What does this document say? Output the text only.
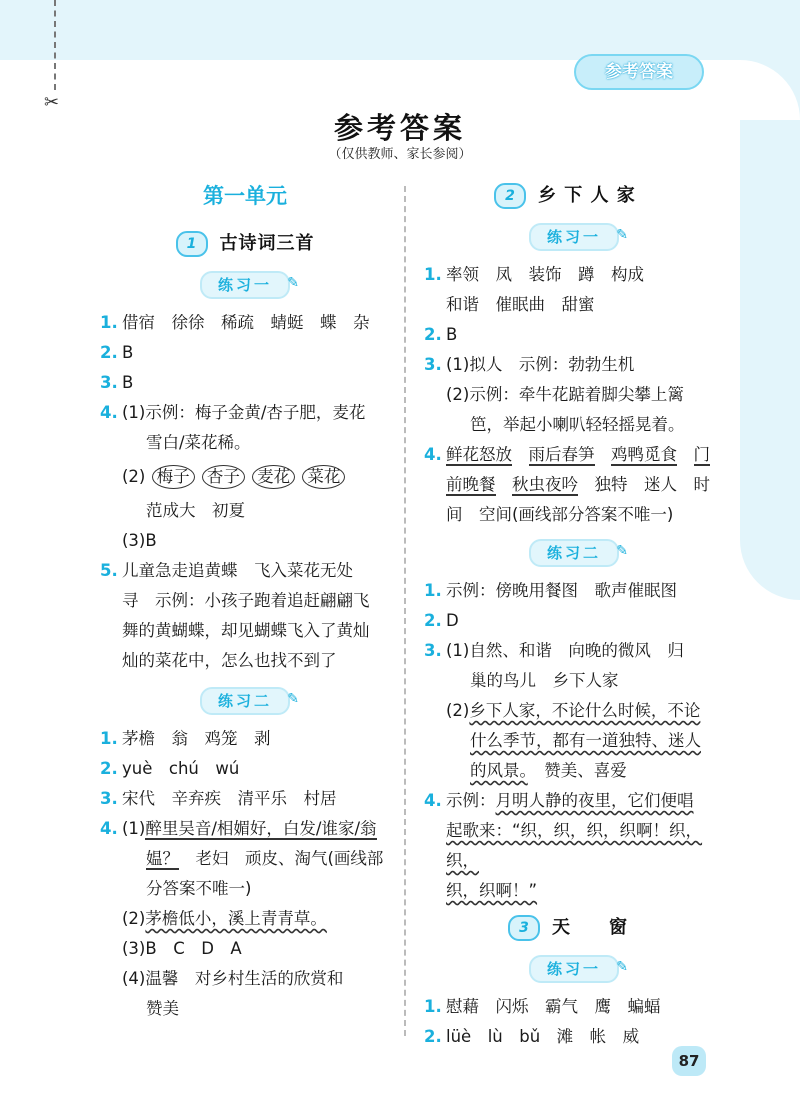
✂
参考答案
参考答案
（仅供教师、家长参阅）
第一单元
1	古诗词三首
练习一 ✎
1. 借宿　徐徐　稀疏　蜻蜓　蝶　杂
2. B
3. B
4. (1)示例：梅子金黄/杏子肥，麦花
雪白/菜花稀。
(2) 梅子 杏子 麦花 菜花
范成大　初夏
(3)B
5. 儿童急走追黄蝶　飞入菜花无处
寻　示例：小孩子跑着追赶翩翩飞
舞的黄蝴蝶，却见蝴蝶飞入了黄灿
灿的菜花中，怎么也找不到了
练习二 ✎
1. 茅檐　翁　鸡笼　剥
2. yuè　chú　wú
3. 宋代　辛弃疾　清平乐　村居
4. (1)醉里吴音/相媚好，白发/谁家/翁
媪？　老妇　顽皮、淘气(画线部
分答案不唯一)
(2)茅檐低小，溪上青青草。
(3)B　C　D　A
(4)温馨　对乡村生活的欣赏和
赞美
2	乡 下 人 家
练习一 ✎
1. 率领　凤　装饰　蹲　构成
和谐　催眠曲　甜蜜
2. B
3. (1)拟人　示例：勃勃生机
(2)示例：牵牛花踮着脚尖攀上篱
笆，举起小喇叭轻轻摇晃着。
4. 鲜花怒放　 雨后春笋　 鸡鸭觅食　 门
前晚餐　 秋虫夜吟　独特　迷人　时
间　空间(画线部分答案不唯一)
练习二 ✎
1. 示例：傍晚用餐图　歌声催眠图
2. D
3. (1)自然、和谐　向晚的微风　归
巢的鸟儿　乡下人家
(2)乡下人家，不论什么时候，不论
什么季节，都有一道独特、迷人
的风景。　赞美、喜爱
4. 示例：月明人静的夜里，它们便唱
起歌来：“织，织，织，织啊！织，织，
织，织啊！”
3	天　　窗
练习一 ✎
1. 慰藉　闪烁　霸气　鹰　蝙蝠
2. lüè　lù　bǔ　滩　帐　威
87
